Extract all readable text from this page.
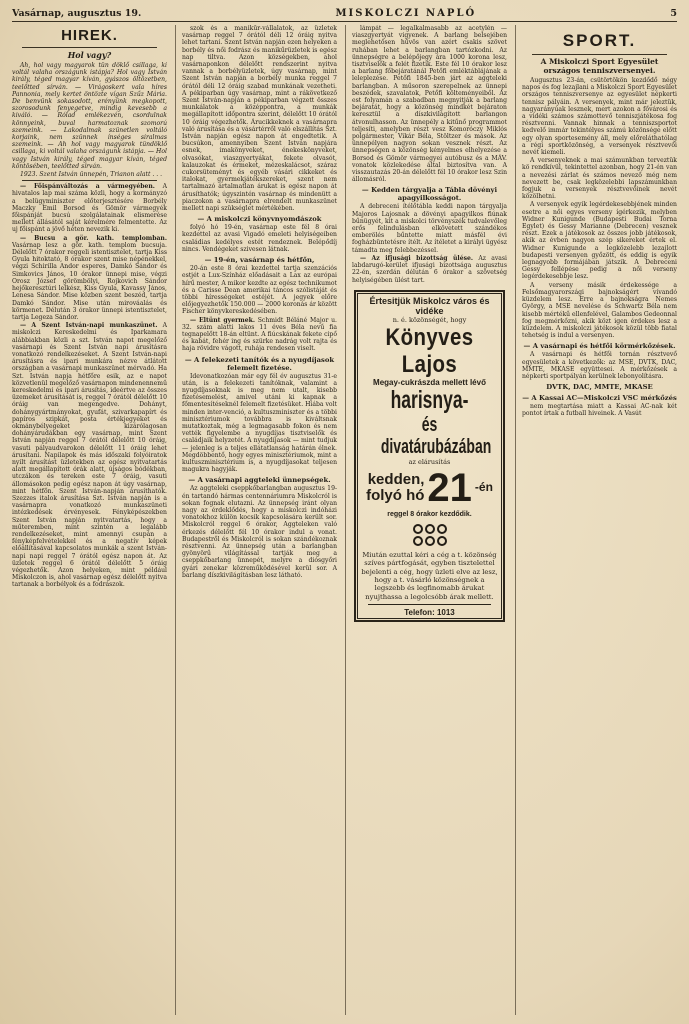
Vasárnap, augusztus 19.	MISKOLCZI NAPLÓ	5
HIREK.
Hol vagy?

Ah, hol vagy magyarok tün döklő csillaga, ki voltál valaha országunk istápja? Hol vagy István király, téged magyar kíván, gyászos öltözetben, teelőtted sírván. — Virágoskert vala híres Pannonia, mely kertet öntözte vígan Szűz Mária. De benvünk sokasodott, erényünk megkopott, szorosodunk fenyegetve, mindig kevesebb a kiváló. — Rólad emlékezvén, csordulnak könnyeink, buval harmatoznak szomorú szemeink. — Lakodalmak szünetlen voltáló korjaink, nem szünnek ínséges siralmas szemeink. — Ah hol vagy magyarok tündöklő csillaga, ki voltál valaha országunk istápja. — Hol vagy István király, téged magyar kíván, téged köntösében, teelőtted sírván.

1923. Szent István ünnepén, Trianon alatt . . .

— Főispánváltozás a vármegyében. A hivatalos lap mai száma közli, hogy a kormányzó a belügyminiszter előterjesztésére Borbély Maczky Emil Borsod és Gömör vármegyék főispánját bucsú szolgálatainak elismerése mellett állásától saját kérelmére felmentette. Az uj főispánt a jövő héten nevezik ki.

— Bucsu a gör. kath. templomban. Vasárnap lesz a gör. kath. templom bucsuja. Délelőtt 7 órakor reggeli istentisztelet, tartja Kiss Gyula hitoktató, 8 órakor szent mise népénekkel, végzi Schirilla Andor esperes, Damkó Sándor és Simkovics János, 10 órakor ünnepi mise, végzi Orosz József görömbölyi, Rojkovich Sándor hejőkeresztúri lelkész, Kiss Gyula, Kavassy János, Lenesa Sándor. Mise közben szent beszéd, tartja Damkó Sándor. Mise után mirováalás és körmenet. Délután 3 órakor ünnepi istentisztelet, tartja Legeza Sándor.

— A Szent István-napi munkaszünet. A miskolczi Kereskedelmi és Iparkamara alábbiakban közli a szt. István napot megelőző vasárnapi és Szent István napi árusításra vonatkozó rendelkezéseket. A Szent István-napi árusításra és ipari munkára nézve átlátott országban a vasárnapi munkaszünet mérvadó. Ha Szt. István napja hétfőre esik, az e napot közvetlenül megelőző vasárnapon mindenennemű kereskedelmi és ipari árusítás, ideértve az összes üzemeket árusítását is, reggel 7 órától délelőtt 10 óráig van megengedve. Dohányt, dohánygyártmányokat, gyufát, szivarkapapírt és papíros szipkát, posta értékjegyeket és okmánybélyegeket kizárólagosan dohányárudákban egy vasárnap, mint Szent István napján reggel 7 órától délelőtt 10 óráig, vasuti pályaudvarokon délelőtt 11 óráig lehet árusítani. Napilapok és más időszaki folyóiratok nyilt árusítást üzletekben az egész nyitvatartás alatt megállapított órák alatt, újságos bódékban, utczákon és tereken este 7 óráig, vasuti állomásokon pedig egész napon át úgy vasárnap, mint hétfőn. Szent István-napján árusíthatók. Szezzes italok árusítása Szt. István napján is a vasárnapra vonatkozó munkaszüneti intézkedések érvényesek. Fényképészekben Szent István napján nyitvatartás, hogy a műteremben, mint szintén a legalább rendelkezéseket, mint amennyi csupán a fényképfelvételekkel és a negatív képek előállításával kapcsolatos munkák a szent István-napi napi reggel 7 órától egész napon át. Az üzletek reggel 6 órától délelőtt 5 óráig végezhetők. Azon helyeken, mint például Miskolczon is, ahol vasárnap egész délelőtt nyitva tartanak a borbélyok és a fodrászok.

szok és a manikűr-vállalatok, az üzletek vasárnap reggel 7 órától déli 12 óráig nyitva lehet tartani. Szent István napján ezen helyeken a borbély és női fodrász és manikűrüzletek is egész nap tiltva. Azon községekben, ahol vasárnaponkon délelőtt rendszerint nyitva vannak a borbélyüzletek, úgy vasárnap, mint Szent István napján a borbély munka reggel 7 órától déli 12 óráig szabad munkának vezetheti. A pékiparban úgy vasárnap, mint a rákövetkező Szent István-napján a pékiparban végzett összes munkálatok a középpontra, a munkák megállapított időpontra szerint, délelőtt 10 órától 10 óráig végezhetők. Árucikkeknek a vasárnapra való árusítása és a vásártérről való elszállítás Szt. István napján egész napon át engedtetik. A bucsúkon, amennyiben Szent István napjára esnek, imakönyveket, énekeskönyveket, olvasókat, viaszgyertyákat, fekete olvasót, kalauzokat és érmeket, mézeskalácsot, száraz cukorsüteményt és egyéb vásári cikkeket és italokat, gyermekjátékszereket, szent nem tartalmazó ártalmatlan árukat is egész napon át árusíthatók; úgyszintén vasárnap és mindenütt a piaczokon a vasárnapra elrendelt munkaszünet mellett napi szükséglet mértékében.

— A miskolczi könyvnyomdászok

folyó hó 19-én, vasárnap este fél 8 órai kezdettel az avasi Vigadó emeleti helyiségeiben családias kedélyes estét rendeznek. Belépődíj nincs. Vendégeket szivesen látnak.

— 19-én, vasárnap és hétfőn,

20-án este 8 órai kezdettel tartja szenzációs estjét a Lux-Színház előadásait a Lax az európai hírű mester, A mikor kezdte az egész technikumot és a Carisse Dean amerikai táncos szólistáját és többi hírességeket estéjét. A jegyek előre előjegyezhetők 150.000 — 2000 koronás ár között Fischer könyvkereskedésében.

— Eltünt gyermek. Schmidt Béláné Major u. 32. szám alatti lakos 11 éves Béla nevű fia tegnapelőtt 18-án eltünt. A fiúcskának fekete cipő és kabát, fehér ing és szürke nadrág volt rajta és haja rövidre vágott, ruhája rendesen viselt.

— A felekezeti tanítók és a nyugdíjasok felemelt fizetése.

Idevonatkozóan már egy fél év augusztus 31-e után, is a felekezeti tanítóknak, valamint a nyugdíjasoknak is meg nem utalt, kisebb fizetésemelést, amivel utáni ki kapnak a főmentesítéseknél felemelt fizetésüket. Hiába volt minden inter-venció, a kultuszminiszter és a többi minisztériumok továbbra is kiváltsnak mutatkoztak, még a legmagasabb fokon és nem vették figyelembe a nyugdíjas tisztviselők és családjaik helyzetét. A nyugdíjasok — mint tudjuk — jelenleg is a teljes ellátatlanság határán élnek. Megdöbbentő, hogy egyes minisztériumok, mint a kultuszminisztérium is, a nyugdíjasokat teljesen magukra hagyják.

— A vasárnapi aggteleki ünnepségek.

Az aggteleki cseppkőbarlangban augusztus 19-én tartandó hármas centennáriumra Miskolcról is sokan fognak elutazni. Az ünnepség iránt olyan nagy az érdeklődés, hogy a miskolczi indóházi vonatokhoz külön kocsik kapcsolására került sor. Miskolcról reggel 6 órakor, Aggteleken való érkezés délelőtt fél 10 órakor indul a vonat. Budapestről és Miskolcról is sokan szándékoznak résztvenni. Az ünnepség után a barlangban gyönyörű világítással tartják meg a cseppkőbarlang ünnepét, melyre a diósgyőri gyári zenekar közreműködésével kerül sor. A barlang díszkivilágításban lesz látható.

lámpát — legalkalmasabb az acetylén — viaszgyertyát vigyenek. A barlang belsejében meglehetősen hűvös van azért csakis szövet ruhában lehet a barlangban tartózkodni. Az ünnepségre a belépőjegy ára 1000 korona lesz, tisztviselők a felét fizetik. Este fél 10 órakor lesz a barlang főbejáratánál Petőfi emléktáblájának a leleplezése. Petőfi 1845-ben járt az aggteleki barlangban. A műsoron szerepelnek az ünnepi beszédek, szavalatok, Petőfi költeményeiből. Az est folyamán a szabadban megnyitják a barlang bejáratát, hogy a közönség mindkét bejáraton keresztül a díszkivilágított barlangon átvonulhasson. Az ünnepély a kitűnő programmot teljesíti, amelyben részt vesz Komoróczy Miklós polgármester, Vikár Béla, Stöltzer és mások. Az ünnepélyen nagyon sokan vesznek részt. Az ünnepségen a közönség kényelmes elhelyezése a Borsod és Gömör vármegyei autóbusz és a MÁV. vonatok közlekedése által biztosítva van. A visszautazás 20-án délelőtt fél 10 órakor lesz Szin állomásról.

— Kedden tárgyalja a Tábla dövényi apagyilkosságot.

A debreceni ítélőtábla keddi napon tárgyalja Majoros Lajosnak a dövényi apagyilkos fiúnak bűnügyét, kit a miskolci törvényszék tudvalevőleg erős felindulásban elkövetett szándékos emberölés bűntette miatt másfél évi fogházbüntetésre ítélt. Az ítéletet a királyi ügyész támadta meg felebbezéssel.

— Az ifjusági bizottság ülése. Az avasi labdarugó-kerület ifjusági bizottsága augusztus 22-én, szerdán délután 6 órakor a szövetség helyiségében ülést tart.

Értesitjük Miskolcz város és vidéke
n. é. közönségét, hogy
Könyves Lajos
Megay-cukrászda mellett lévő
harisnya-
és divatárubázában
az elárusítás
kedden,
folyó hó 21 -én
reggel 8 órakor kezdődik.
Miután ezuttal kéri a cég a t. közönség szíves pártfogását, egyben tisztelettel bejelenti a cég, hogy üzleti elve az lesz, hogy a t. vásárló közönségnek a legszebb és legfinomabb árukat nyujthassa a legolcsóbb árak mellett.
Telefon: 1013
SPORT.
A Miskolczi Sport Egyesület országos tenniszversenyei.

Augusztus 23-án, csütörtökön kezdődő négy napos és fog lezajlani a Miskolczi Sport Egyesület országos tenniszversenye az egyesület népkerti tennisz pályáin. A versenyek, mint már jeleztük, nagyarányúak lesznek, mert azokon a fővárosi és a vidéki számos számottevő tenniszjátékosa fog résztvenni. Vannak hinnak a tenniszsportot kedvelő immár tekintélyes számú közönsége előtt egy olyan sportesemény áll, mely előreláthatólag a régi sportközönség, a versenyek résztvevői nevét kiemeli.

A versenyeknek a mai számunkban terveztük kö rendkívül, tekintettel azonban, hogy 21-én van a nevezési zárlat és számos nevező még nem nevezett be, csak legközelebbi lapszámunkban fogjuk a versenyek résztvevőinek nevét közölhetni.

A versenyek egyik legérdekesebbjének minden esetre a női egyes verseny ígérkezik, melyben Widner Kunigunde (Budapesti Budai Torna Egylet) és Gessy Marianne (Debrecen) vesznek részt. Ezek a játékosok az összes jobb játékosok, akik az évben nagyon szép sikereket értek el. Widner Kunigunde a legközelebb lezajlott budapesti versenyen győzött, és eddig is egyik legnagyobb formájában játszik. A Debreceni Gessy fellépése pedig a női verseny legérdekesebbje lesz.

A verseny másik érdekessége a Felsőmagyarországi bajnokságért vívandó küzdelem lesz. Erre a bajnokságra Nemes György, a MSE nevelése és Schwartz Béla nem kisebb mértékű ellenfelével, Galambos Gedeonnal fog megmérkőzni, akik közt igen érdekes lesz a küzdelem. A miskolczi játékosok közül több fiatal tehetség is indul a versenyen.

— A vasárnapi és hétfői körmérkőzések.

A vasárnapi és hétfői tornán résztvevő egyesületek a következők: az MSE, DVTK, DAC, MMTE, MKASE együttesei. A mérkőzések a népkerti sportpályán kerülnek lebonyolításra.

DVTK, DAC, MMTE, MKASE
— A Kassai AC—Miskolczi VSC mérkőzés

nem megtartása miatt a Kassai AC-nak két pontot írtak a futball hiveinek. A Vasút
